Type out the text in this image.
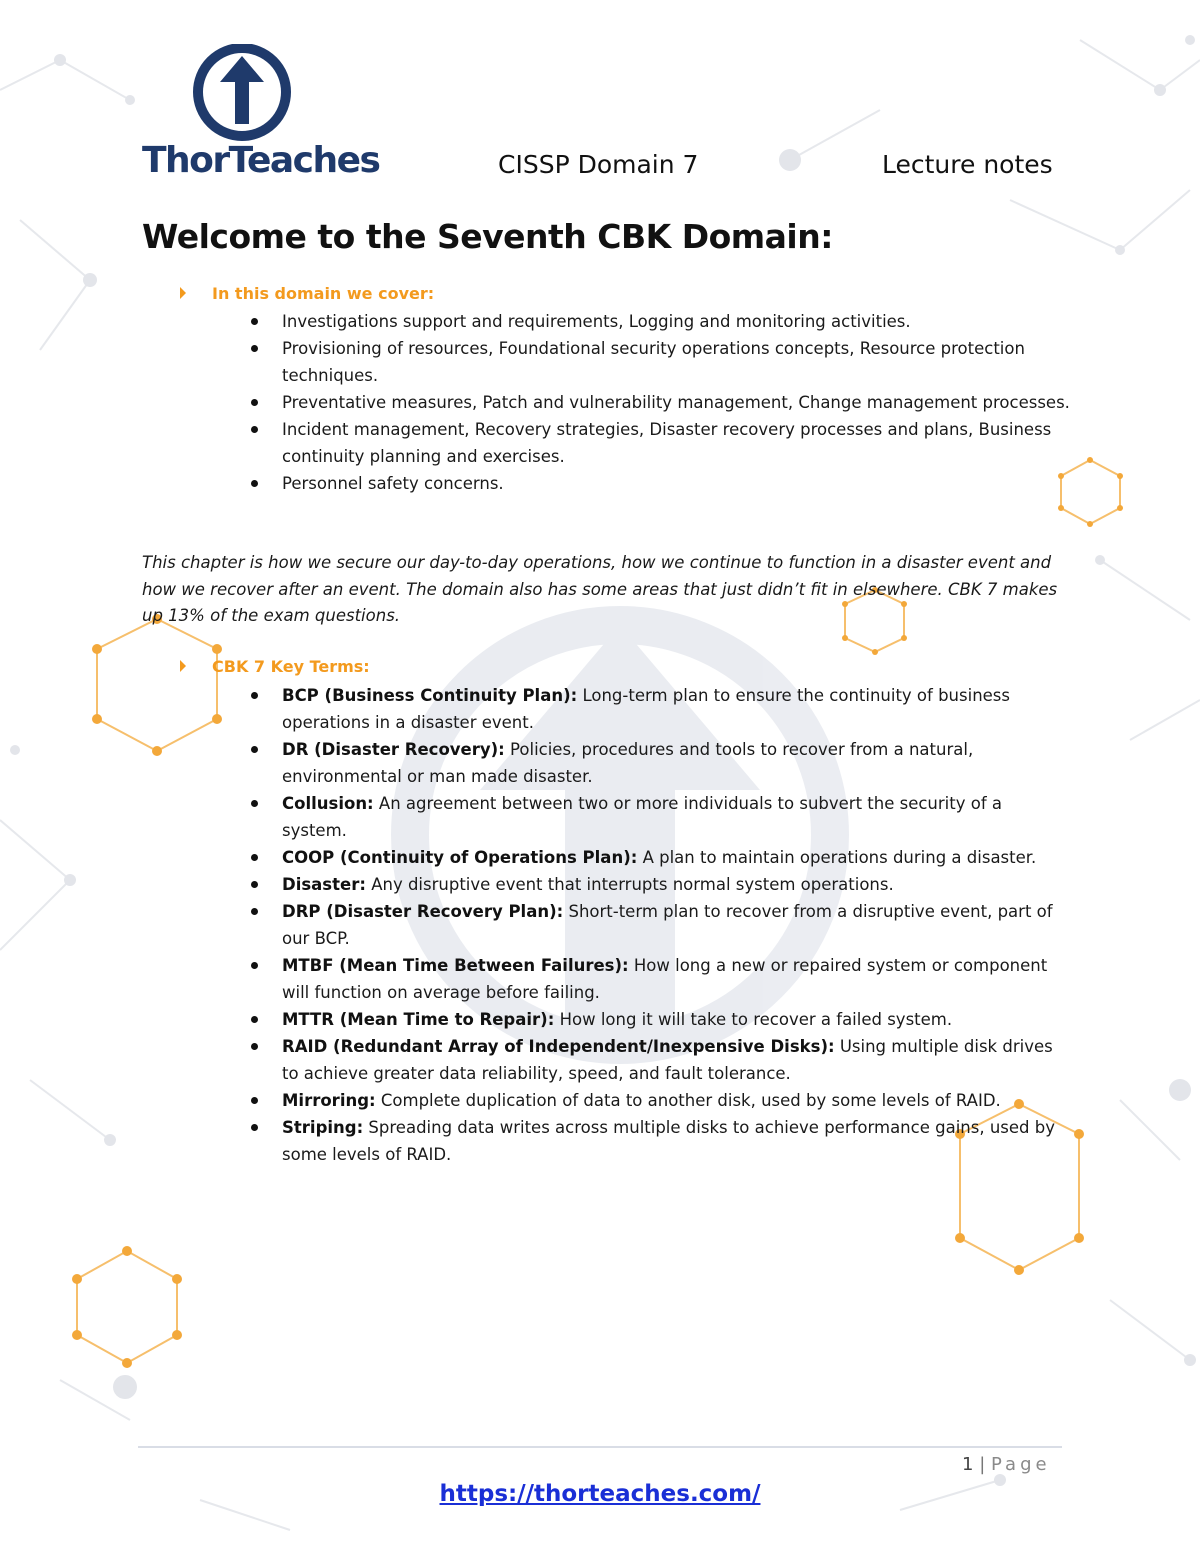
ThorTeaches	CISSP Domain 7	Lecture notes
Welcome to the Seventh CBK Domain:
In this domain we cover:
Investigations support and requirements, Logging and monitoring activities.
Provisioning of resources, Foundational security operations concepts, Resource protection techniques.
Preventative measures, Patch and vulnerability management, Change management processes.
Incident management, Recovery strategies, Disaster recovery processes and plans, Business continuity planning and exercises.
Personnel safety concerns.
This chapter is how we secure our day-to-day operations, how we continue to function in a disaster event and how we recover after an event. The domain also has some areas that just didn’t fit in elsewhere. CBK 7 makes up 13% of the exam questions.
CBK 7 Key Terms:
BCP (Business Continuity Plan): Long-term plan to ensure the continuity of business operations in a disaster event.
DR (Disaster Recovery): Policies, procedures and tools to recover from a natural, environmental or man made disaster.
Collusion: An agreement between two or more individuals to subvert the security of a system.
COOP (Continuity of Operations Plan): A plan to maintain operations during a disaster.
Disaster: Any disruptive event that interrupts normal system operations.
DRP (Disaster Recovery Plan): Short-term plan to recover from a disruptive event, part of our BCP.
MTBF (Mean Time Between Failures): How long a new or repaired system or component will function on average before failing.
MTTR (Mean Time to Repair): How long it will take to recover a failed system.
RAID (Redundant Array of Independent/Inexpensive Disks): Using multiple disk drives to achieve greater data reliability, speed, and fault tolerance.
Mirroring: Complete duplication of data to another disk, used by some levels of RAID.
Striping: Spreading data writes across multiple disks to achieve performance gains, used by some levels of RAID.
1 | Page
https://thorteaches.com/
